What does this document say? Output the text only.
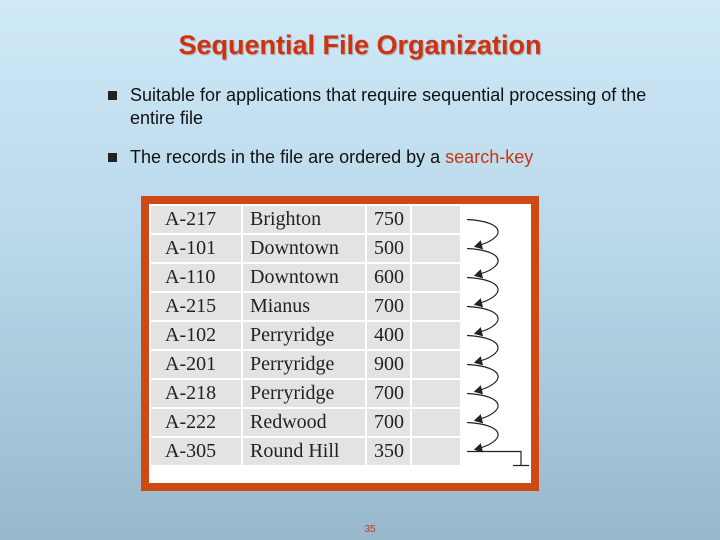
Sequential File Organization
Suitable for applications that require sequential processing of the entire file
The records in the file are ordered by a search-key
A-217	Brighton	750	
A-101	Downtown	500	
A-110	Downtown	600	
A-215	Mianus	700	
A-102	Perryridge	400	
A-201	Perryridge	900	
A-218	Perryridge	700	
A-222	Redwood	700	
A-305	Round Hill	350	
35
